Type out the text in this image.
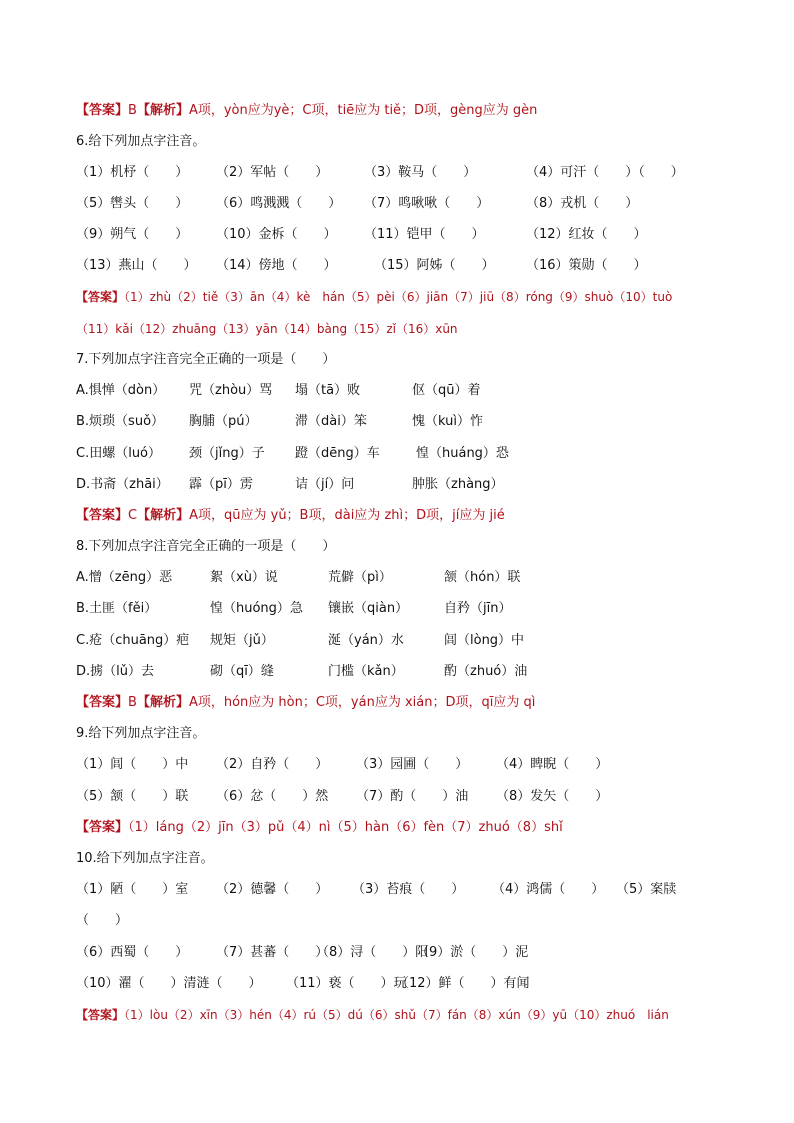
【答案】B【解析】A项，yòn应为yè；C项，tiē应为 tiě；D项，gèng应为 gèn
6.给下列加点字注音。
（1）机杼（　　） （2）军帖（　　）	（3）鞍马（　　）	（4）可汗（　　）（　　）
（5）辔头（　　） （6）鸣溅溅（　　） （7）鸣啾啾（　　）	（8）戎机（　　）
（9）朔气（　　） （10）金柝（　　） （11）铠甲（　　）	（12）红妆（　　）
（13）燕山（　　） （14）傍地（　　）	（15）阿姊（　　） （16）策勋（　　）
【答案】（1）zhù（2）tiě（3）ān（4）kè　hán（5）pèi（6）jiān（7）jiū（8）róng（9）shuò（10）tuò
（11）kǎi（12）zhuāng（13）yān（14）bàng（15）zǐ（16）xūn
7.下列加点字注音完全正确的一项是（　　）
A.惧惮（dòn） 咒（zhòu）骂 塌（tā）败	伛（qū）着
B.烦琐（suǒ） 胸脯（pú）	滞（dài）笨	愧（kuì）怍
C.田螺（luó） 颈（jǐng）子 蹬（dēng）车	惶（huáng）恐
D.书斋（zhāi） 霹（pī）雳	诘（jí）问	肿胀（zhàng）
【答案】C【解析】A项，qū应为 yǔ；B项，dài应为 zhì；D项，jí应为 jié
8.下列加点字注音完全正确的一项是（　　）
A.憎（zēng）恶	絮（xù）说	荒僻（pì）	颔（hón）联
B.土匪（fěi）	惶（huóng）急 镶嵌（qiàn）	自矜（jīn）
C.疮（chuāng）疤 规矩（jǔ）	涎（yán）水	闾（lòng）中
D.掳（lǔ）去	砌（qī）缝	门槛（kǎn）	酌（zhuó）油
【答案】B【解析】A项，hón应为 hòn；C项，yán应为 xián；D项，qī应为 qì
9.给下列加点字注音。
（1）闾（　　）中 （2）自矜（　　） （3）园圃（　　） （4）睥睨（　　）
（5）颔（　　）联 （6）忿（　　）然 （7）酌（　　）油 （8）发矢（　　）
【答案】（1）láng（2）jīn（3）pǔ（4）nì（5）hàn（6）fèn（7）zhuó（8）shǐ
10.给下列加点字注音。
（1）陋（　　）室 （2）德馨（　　） （3）苔痕（　　） （4）鸿儒（　　） （5）案牍
（　　）
（6）西蜀（　　） （7）甚蕃（　　）（8）浔（　　）阳（9）淤（　　）泥
（10）濯（　　）清涟（　　） （11）亵（　　）玩（12）鲜（　　）有闻
【答案】（1）lòu（2）xīn（3）hén（4）rú（5）dú（6）shǔ（7）fán（8）xún（9）yū（10）zhuó　lián
